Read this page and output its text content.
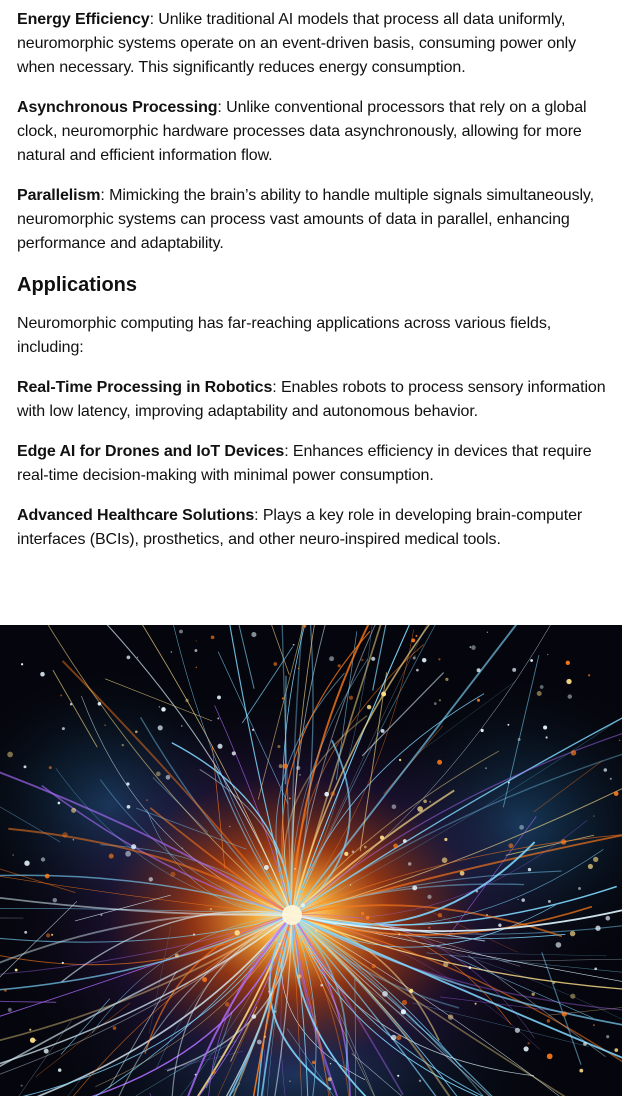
Energy Efficiency: Unlike traditional AI models that process all data uniformly, neuromorphic systems operate on an event-driven basis, consuming power only when necessary. This significantly reduces energy consumption.

Asynchronous Processing: Unlike conventional processors that rely on a global clock, neuromorphic hardware processes data asynchronously, allowing for more natural and efficient information flow.

Parallelism: Mimicking the brain’s ability to handle multiple signals simultaneously, neuromorphic systems can process vast amounts of data in parallel, enhancing performance and adaptability.

Applications

Neuromorphic computing has far-reaching applications across various fields, including:

Real-Time Processing in Robotics: Enables robots to process sensory information with low latency, improving adaptability and autonomous behavior.

Edge AI for Drones and IoT Devices: Enhances efficiency in devices that require real-time decision-making with minimal power consumption.

Advanced Healthcare Solutions: Plays a key role in developing brain-computer interfaces (BCIs), prosthetics, and other neuro-inspired medical tools.
